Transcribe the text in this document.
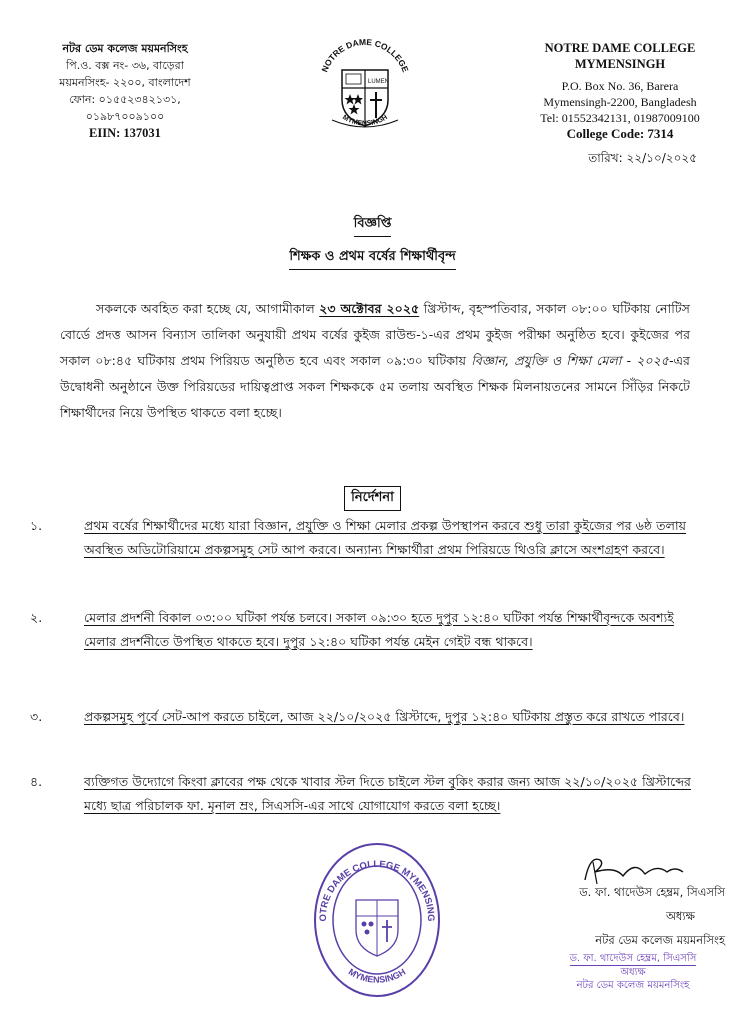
নটর ডেম কলেজ ময়মনসিংহ
পি.ও. বক্স নং- ৩৬, বাড়েরা
ময়মনসিংহ- ২২০০, বাংলাদেশ
ফোন: ০১৫৫২৩৪২১৩১, ০১৯৮৭০০৯১০০
EIIN: 137031
NOTRE DAME COLLEGE
LUMEN
MYMENSINGH
NOTRE DAME COLLEGE MYMENSINGH
P.O. Box No. 36, Barera
Mymensingh-2200, Bangladesh
Tel: 01552342131, 01987009100
College Code: 7314
তারিখ: ২২/১০/২০২৫
বিজ্ঞপ্তি
শিক্ষক ও প্রথম বর্ষের শিক্ষার্থীবৃন্দ
সকলকে অবহিত করা হচ্ছে যে, আগামীকাল ২৩ অক্টোবর ২০২৫ খ্রিস্টাব্দ, বৃহস্পতিবার, সকাল ০৮:০০ ঘটিকায় নোটিস বোর্ডে প্রদত্ত আসন বিন্যাস তালিকা অনুযায়ী প্রথম বর্ষের কুইজ রাউন্ড-১-এর প্রথম কুইজ পরীক্ষা অনুষ্ঠিত হবে। কুইজের পর সকাল ০৮:৪৫ ঘটিকায় প্রথম পিরিয়ড অনুষ্ঠিত হবে এবং সকাল ০৯:৩০ ঘটিকায় বিজ্ঞান, প্রযুক্তি ও শিক্ষা মেলা - ২০২৫-এর উদ্বোধনী অনুষ্ঠানে উক্ত পিরিয়ডের দায়িত্বপ্রাপ্ত সকল শিক্ষককে ৫ম তলায় অবস্থিত শিক্ষক মিলনায়তনের সামনে সিঁড়ির নিকটে শিক্ষার্থীদের নিয়ে উপস্থিত থাকতে বলা হচ্ছে।
নির্দেশনা
১.	প্রথম বর্ষের শিক্ষার্থীদের মধ্যে যারা বিজ্ঞান, প্রযুক্তি ও শিক্ষা মেলার প্রকল্প উপস্থাপন করবে শুধু তারা কুইজের পর ৬ষ্ঠ তলায় অবস্থিত অডিটোরিয়ামে প্রকল্পসমূহ সেট আপ করবে। অন্যান্য শিক্ষার্থীরা প্রথম পিরিয়ডে থিওরি ক্লাসে অংশগ্রহণ করবে।
২.	মেলার প্রদর্শনী বিকাল ০৩:০০ ঘটিকা পর্যন্ত চলবে। সকাল ০৯:৩০ হতে দুপুর ১২:৪০ ঘটিকা পর্যন্ত শিক্ষার্থীবৃন্দকে অবশ্যই মেলার প্রদর্শনীতে উপস্থিত থাকতে হবে। দুপুর ১২:৪০ ঘটিকা পর্যন্ত মেইন গেইট বন্ধ থাকবে।
৩.	প্রকল্পসমূহ পূর্বে সেট-আপ করতে চাইলে, আজ ২২/১০/২০২৫ খ্রিস্টাব্দে, দুপুর ১২:৪০ ঘটিকায় প্রস্তুত করে রাখতে পারবে।
৪.	ব্যক্তিগত উদ্যোগে কিংবা ক্লাবের পক্ষ থেকে খাবার স্টল দিতে চাইলে স্টল বুকিং করার জন্য আজ ২২/১০/২০২৫ খ্রিস্টাব্দের মধ্যে ছাত্র পরিচালক ফা. মৃনাল ম্রং, সিএসসি-এর সাথে যোগাযোগ করতে বলা হচ্ছে।
OTRE DAME COLLEGE MYMENSING
MYMENSINGH
ড. ফা. থাদেউস হেম্ব্রম, সিএসসি
অধ্যক্ষ
নটর ডেম কলেজ ময়মনসিংহ
ড. ফা. থাদেউস হেম্ব্রম, সিএসসি
অধ্যক্ষ
নটর ডেম কলেজ ময়মনসিংহ
